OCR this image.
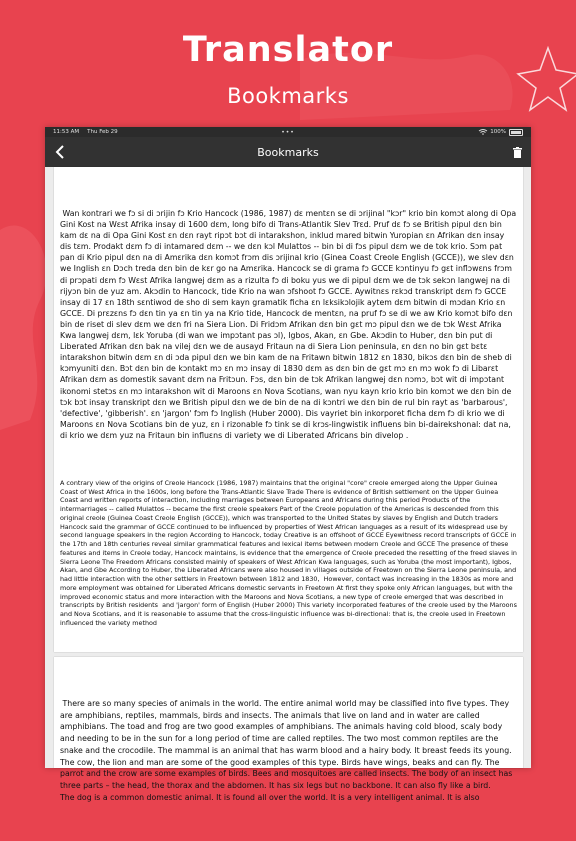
Translator
Bookmarks
11:53 AM Thu Feb 29	•••	100%
Bookmarks

Wan kontrari we fɔ si di ɔrijin fɔ Krio Hancock (1986, 1987) dɛ mentɛn se di ɔrijinal "kɔr" krio bin komɔt along di Opa Gini Kost na Wɛst Afrika insay di 1600 dɛm, long bifo di Trans-Atlantik Slev Trɛd. Pruf dɛ fɔ se British pipul dɛn bin kam dɛ na di Opa Gini Kost ɛn dɛn rayt ripɔt bɔt di intarakshon, inklud mared bitwin Yuropian ɛn Afrikan dɛn insay dis tɛm. Prodakt dɛm fɔ di intamared dɛm -- we dɛn kɔl Mulattos -- bin bi di fɔs pipul dɛm we de tok krio. Sɔm pat pan di Krio pipul dɛn na di Amɛrika dɛn komɔt frɔm dis ɔrijinal krio (Ginea Coast Creole English (GCCE)), we slev dɛn we Inglish ɛn Dɔch treda dɛn bin de kɛr go na Amɛrika. Hancock se di grama fɔ GCCE kɔntinyu fɔ gɛt inflɔwɛns frɔm di prɔpati dɛm fɔ Wɛst Afrika langwej dɛm as a rizulta fɔ di boku yus we di pipul dɛm we de tɔk sekɔn langwej na di rijyɔn bin de yuz am. Akɔdin to Hancock, tide Krio na wan ɔfshoot fɔ GCCE. Aywitnɛs rɛkɔd transkript dɛm fɔ GCCE insay di 17 ɛn 18th sɛntiwod de sho di sem kayn gramatik ficha ɛn lɛksikɔlojik aytem dɛm bitwin di mɔdan Krio ɛn GCCE. Di prɛzɛns fɔ dɛn tin ya ɛn tin ya na Krio tide, Hancock de mentɛn, na pruf fɔ se di we aw Krio komɔt bifo dɛn bin de riset di slev dɛm we dɛn fri na Siera Lion. Di Fridɔm Afrikan dɛn bin gɛt mɔ pipul dɛn we de tɔk Wɛst Afrika Kwa langwej dɛm, lɛk Yoruba (di wan we impɔtant pas ɔl), Igbos, Akan, ɛn Gbe. Akɔdin to Huber, dɛn bin put di Liberated Afrikan dɛn bak na vilej dɛn we de ausayd Fritaun na di Siera Lion peninsula, ɛn dɛn no bin gɛt bɛtɛ intarakshon bitwin dɛm ɛn di ɔda pipul dɛn we bin kam de na Fritawn bitwin 1812 ɛn 1830, bikɔs dɛn bin de sheb di kɔmyuniti dɛn. Bɔt dɛn bin de kɔntakt mɔ ɛn mɔ insay di 1830 dɛm as dɛn bin de gɛt mɔ ɛn mɔ wok fɔ di Libarɛt Afrikan dɛm as domestik savant dɛm na Fritɔun. Fɔs, dɛn bin de tɔk Afrikan langwej dɛn nɔmɔ, bɔt wit di impɔtant ikonomi stetɔs ɛn mɔ intarakshon wit di Maroons ɛn Nova Scotians, wan nyu kayn krio krio bin komɔt we dɛn bin de tɔk bɔt insay transkript dɛn we British pipul dɛn we de bin de na di kɔntri we dɛn bin de rul bin rayt as 'barbarous', 'defective', 'gibberish'. ɛn 'jargon' fɔm fɔ Inglish (Huber 2000). Dis vayriet bin inkorporet ficha dɛm fɔ di krio we di Maroons ɛn Nova Scotians bin de yuz, ɛn i rizonable fɔ tink se di krɔs-lingwistik influens bin bi-dairekshonal: dat na, di krio we dɛm yuz na Fritaun bin influɛns di variety we di Liberated Africans bin divelop .

A contrary view of the origins of Creole Hancock (1986, 1987) maintains that the original "core" creole emerged along the Upper Guinea Coast of West Africa in the 1600s, long before the Trans-Atlantic Slave Trade There is evidence of British settlement on the Upper Guinea Coast and written reports of interaction, including marriages between Europeans and Africans during this period Products of the intermarriages -- called Mulattos -- became the first creole speakers Part of the Creole population of the Americas is descended from this original creole (Guinea Coast Creole English (GCCE)), which was transported to the United States by slaves by English and Dutch traders Hancock said the grammar of GCCE continued to be influenced by properties of West African languages as a result of its widespread use by second language speakers in the region According to Hancock, today Creative is an offshoot of GCCE Eyewitness record transcripts of GCCE in the 17th and 18th centuries reveal similar grammatical features and lexical items between modern Creole and GCCE The presence of these features and items in Creole today, Hancock maintains, is evidence that the emergence of Creole preceded the resetting of the freed slaves in Sierra Leone The Freedom Africans consisted mainly of speakers of West African Kwa languages, such as Yoruba (the most important), Igbos, Akan, and Gbe According to Huber, the Liberated Africans were also housed in villages outside of Freetown on the Sierra Leone peninsula, and had little interaction with the other settlers in Freetown between 1812 and 1830,  However, contact was increasing in the 1830s as more and more employment was obtained for Liberated Africans domestic servants in Freetown At first they spoke only African languages, but with the improved economic status and more interaction with the Maroons and Nova Scotians, a new type of creole emerged that was described in transcripts by British residents  and 'jargon' form of English (Huber 2000) This variety incorporated features of the creole used by the Maroons and Nova Scotians, and it is reasonable to assume that the cross-linguistic influence was bi-directional: that is, the creole used in Freetown influenced the variety method

There are so many species of animals in the world. The entire animal world may be classified into five types. They are amphibians, reptiles, mammals, birds and insects. The animals that live on land and in water are called amphibians. The toad and frog are two good examples of amphibians. The animals having cold blood, scaly body and needing to be in the sun for a long period of time are called reptiles. The two most common reptiles are the snake and the crocodile. The mammal is an animal that has warm blood and a hairy body. It breast feeds its young. The cow, the lion and man are some of the good examples of this type. Birds have wings, beaks and can fly. The parrot and the crow are some examples of birds. Bees and mosquitoes are called insects. The body of an insect has three parts – the head, the thorax and the abdomen. It has six legs but no backbone. It can also fly like a bird.
The dog is a common domestic animal. It is found all over the world. It is a very intelligent animal. It is also
